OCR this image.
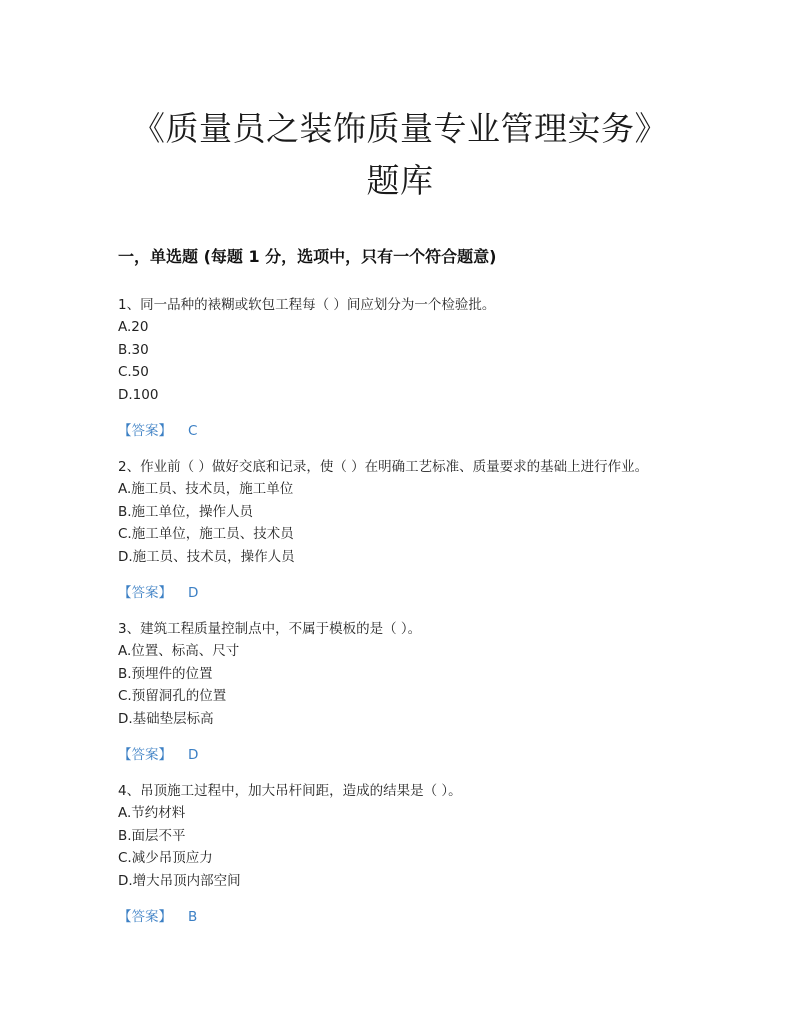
《质量员之装饰质量专业管理实务》
题库
一，单选题 (每题 1 分，选项中，只有一个符合题意)
1、同一品种的裱糊或软包工程每（ ）间应划分为一个检验批。
A.20
B.30
C.50
D.100
【答案】 C
2、作业前（ ）做好交底和记录，使（ ）在明确工艺标准、质量要求的基础上进行作业。
A.施工员、技术员，施工单位
B.施工单位，操作人员
C.施工单位，施工员、技术员
D.施工员、技术员，操作人员
【答案】 D
3、建筑工程质量控制点中，不属于模板的是（ ）。
A.位置、标高、尺寸
B.预埋件的位置
C.预留洞孔的位置
D.基础垫层标高
【答案】 D
4、吊顶施工过程中，加大吊杆间距，造成的结果是（ ）。
A.节约材料
B.面层不平
C.减少吊顶应力
D.增大吊顶内部空间
【答案】 B
